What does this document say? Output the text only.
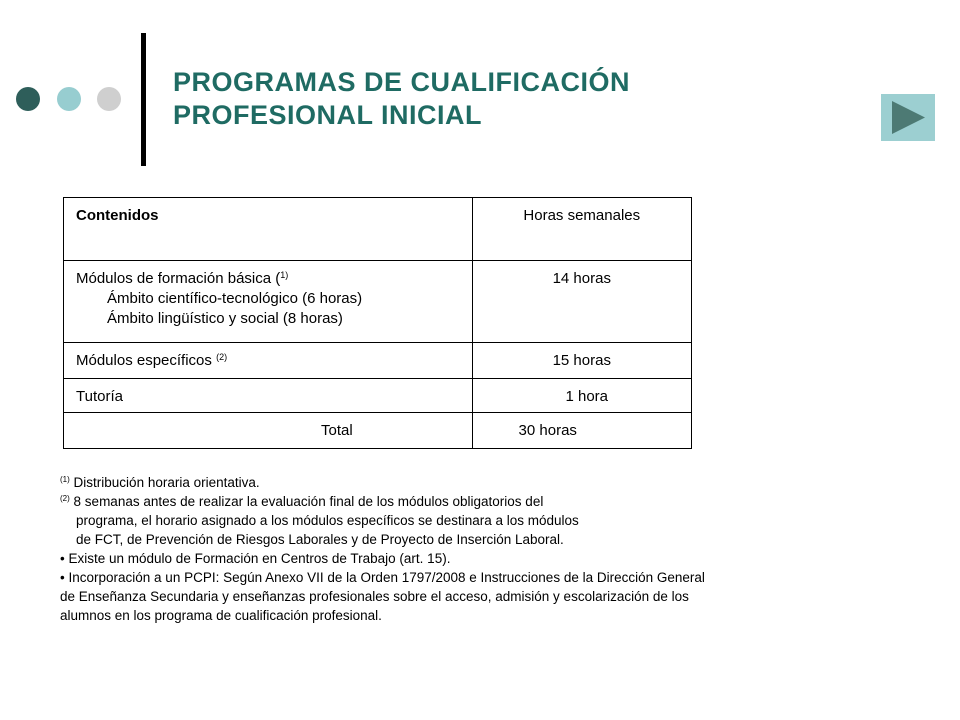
PROGRAMAS DE CUALIFICACIÓN
PROFESIONAL INICIAL
Contenidos	Horas semanales

Módulos de formación básica ($^{1)}$
Ámbito científico-tecnológico (6 horas)
Ámbito lingüístico y social (8 horas)	14 horas

Módulos específicos $^{(2)}$	15 horas

Tutoría	1 hora

Total	30 horas
$^{(1)}$ Distribución horaria orientativa.
$^{(2)}$ 8 semanas antes de realizar la evaluación final de los módulos obligatorios del
programa, el horario asignado a los módulos específicos se destinara a los módulos
de FCT, de Prevención de Riesgos Laborales y de Proyecto de Inserción Laboral.
• Existe un módulo de Formación en Centros de Trabajo (art. 15).
• Incorporación a un PCPI: Según Anexo VII de la Orden 1797/2008 e Instrucciones de la Dirección General
de Enseñanza Secundaria y enseñanzas profesionales sobre el acceso, admisión y escolarización de los
alumnos en los programa de cualificación profesional.
